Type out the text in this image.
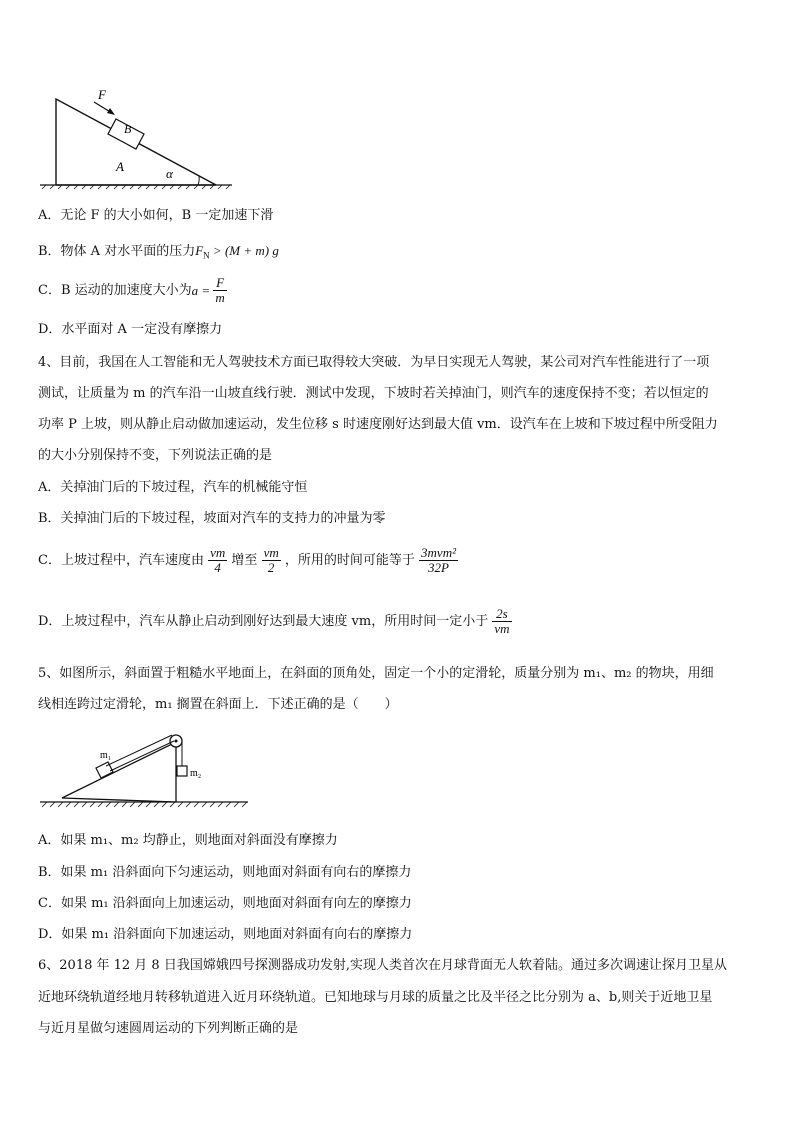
F
B
A	α
A．无论 F 的大小如何，B 一定加速下滑
B．物体 A 对水平面的压力$F_N > (M + m)$ g
C．B 运动的加速度大小为$a = \frac{F}{m}$
D．水平面对 A 一定没有摩擦力
4、目前，我国在人工智能和无人驾驶技术方面已取得较大突破．为早日实现无人驾驶，某公司对汽车性能进行了一项
测试，让质量为 m 的汽车沿一山坡直线行驶．测试中发现，下坡时若关掉油门，则汽车的速度保持不变；若以恒定的
功率 P 上坡，则从静止启动做加速运动，发生位移 s 时速度刚好达到最大值 vm．设汽车在上坡和下坡过程中所受阻力
的大小分别保持不变，下列说法正确的是
A．关掉油门后的下坡过程，汽车的机械能守恒
B．关掉油门后的下坡过程，坡面对汽车的支持力的冲量为零
C．上坡过程中，汽车速度由 $\frac{vm}{4}$ 增至 $\frac{vm}{2}$ ，所用的时间可能等于 $\frac{\text{3mvm²}}{32P}$
D．上坡过程中，汽车从静止启动到刚好达到最大速度 vm，所用时间一定小于 $\frac{2s}{vm}$
5、如图所示，斜面置于粗糙水平地面上，在斜面的顶角处，固定一个小的定滑轮，质量分别为 m₁、m₂ 的物块，用细
线相连跨过定滑轮，m₁ 搁置在斜面上．下述正确的是（　　）
m₁
m₂
A．如果 m₁、m₂ 均静止，则地面对斜面没有摩擦力
B．如果 m₁ 沿斜面向下匀速运动，则地面对斜面有向右的摩擦力
C．如果 m₁ 沿斜面向上加速运动，则地面对斜面有向左的摩擦力
D．如果 m₁ 沿斜面向下加速运动，则地面对斜面有向右的摩擦力
6、2018 年 12 月 8 日我国嫦娥四号探测器成功发射,实现人类首次在月球背面无人软着陆。通过多次调速让探月卫星从
近地环绕轨道经地月转移轨道进入近月环绕轨道。已知地球与月球的质量之比及半径之比分别为 a、b,则关于近地卫星
与近月星做匀速圆周运动的下列判断正确的是
